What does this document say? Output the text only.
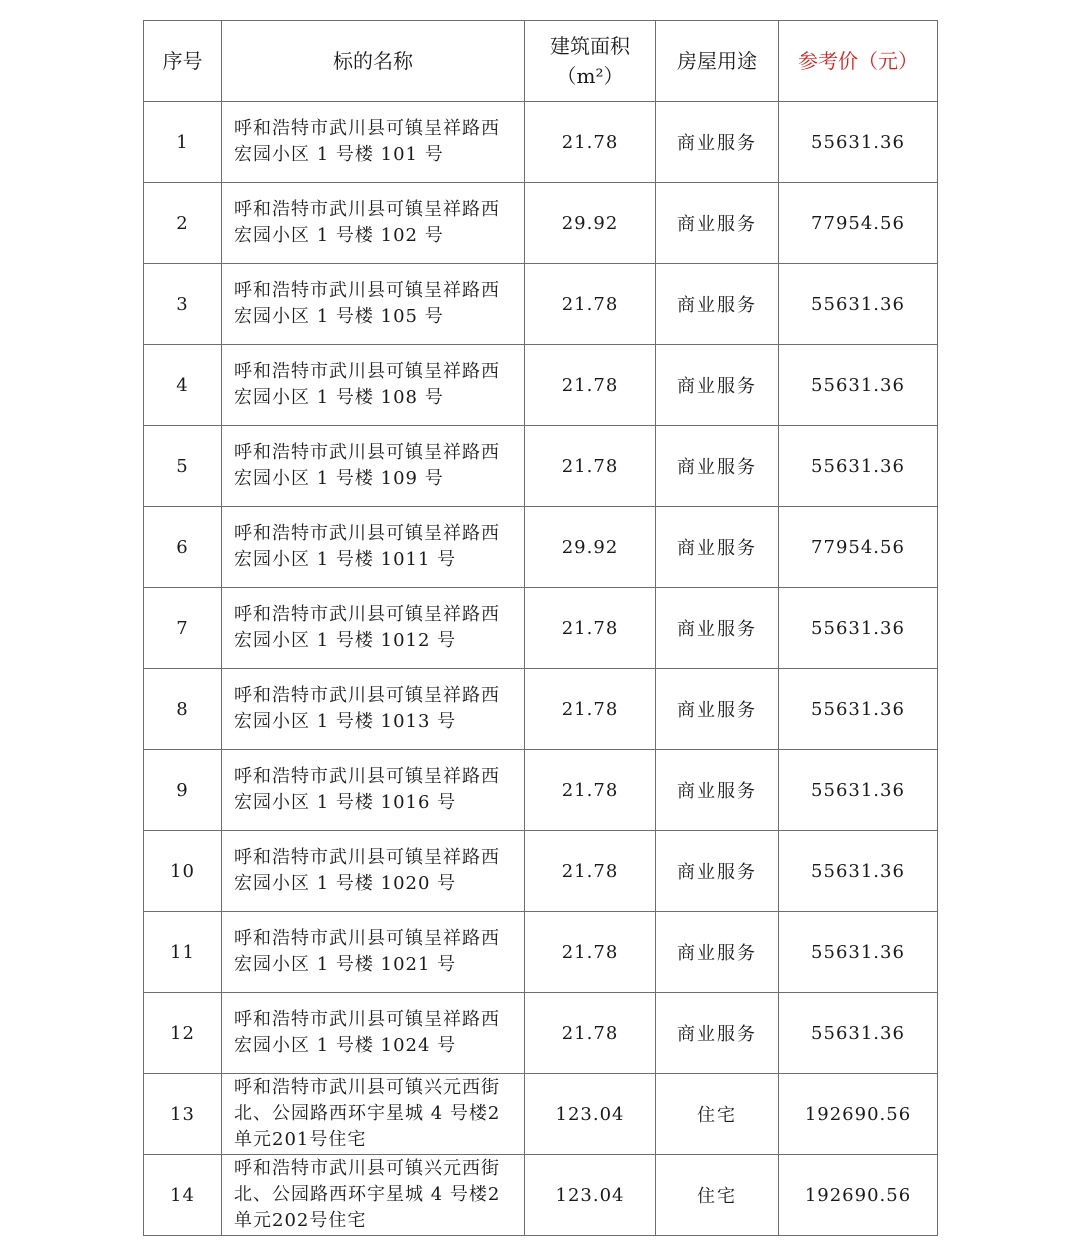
序号	标的名称	建筑面积
（m²）	房屋用途	参考价（元）
1	呼和浩特市武川县可镇呈祥路西
宏园小区 1 号楼 101 号	21.78	商业服务	55631.36
2	呼和浩特市武川县可镇呈祥路西
宏园小区 1 号楼 102 号	29.92	商业服务	77954.56
3	呼和浩特市武川县可镇呈祥路西
宏园小区 1 号楼 105 号	21.78	商业服务	55631.36
4	呼和浩特市武川县可镇呈祥路西
宏园小区 1 号楼 108 号	21.78	商业服务	55631.36
5	呼和浩特市武川县可镇呈祥路西
宏园小区 1 号楼 109 号	21.78	商业服务	55631.36
6	呼和浩特市武川县可镇呈祥路西
宏园小区 1 号楼 1011 号	29.92	商业服务	77954.56
7	呼和浩特市武川县可镇呈祥路西
宏园小区 1 号楼 1012 号	21.78	商业服务	55631.36
8	呼和浩特市武川县可镇呈祥路西
宏园小区 1 号楼 1013 号	21.78	商业服务	55631.36
9	呼和浩特市武川县可镇呈祥路西
宏园小区 1 号楼 1016 号	21.78	商业服务	55631.36
10	呼和浩特市武川县可镇呈祥路西
宏园小区 1 号楼 1020 号	21.78	商业服务	55631.36
11	呼和浩特市武川县可镇呈祥路西
宏园小区 1 号楼 1021 号	21.78	商业服务	55631.36
12	呼和浩特市武川县可镇呈祥路西
宏园小区 1 号楼 1024 号	21.78	商业服务	55631.36
13	呼和浩特市武川县可镇兴元西街
北、公园路西环宇星城 4 号楼2
单元201号住宅	123.04	住宅	192690.56
14	呼和浩特市武川县可镇兴元西街
北、公园路西环宇星城 4 号楼2
单元202号住宅	123.04	住宅	192690.56
